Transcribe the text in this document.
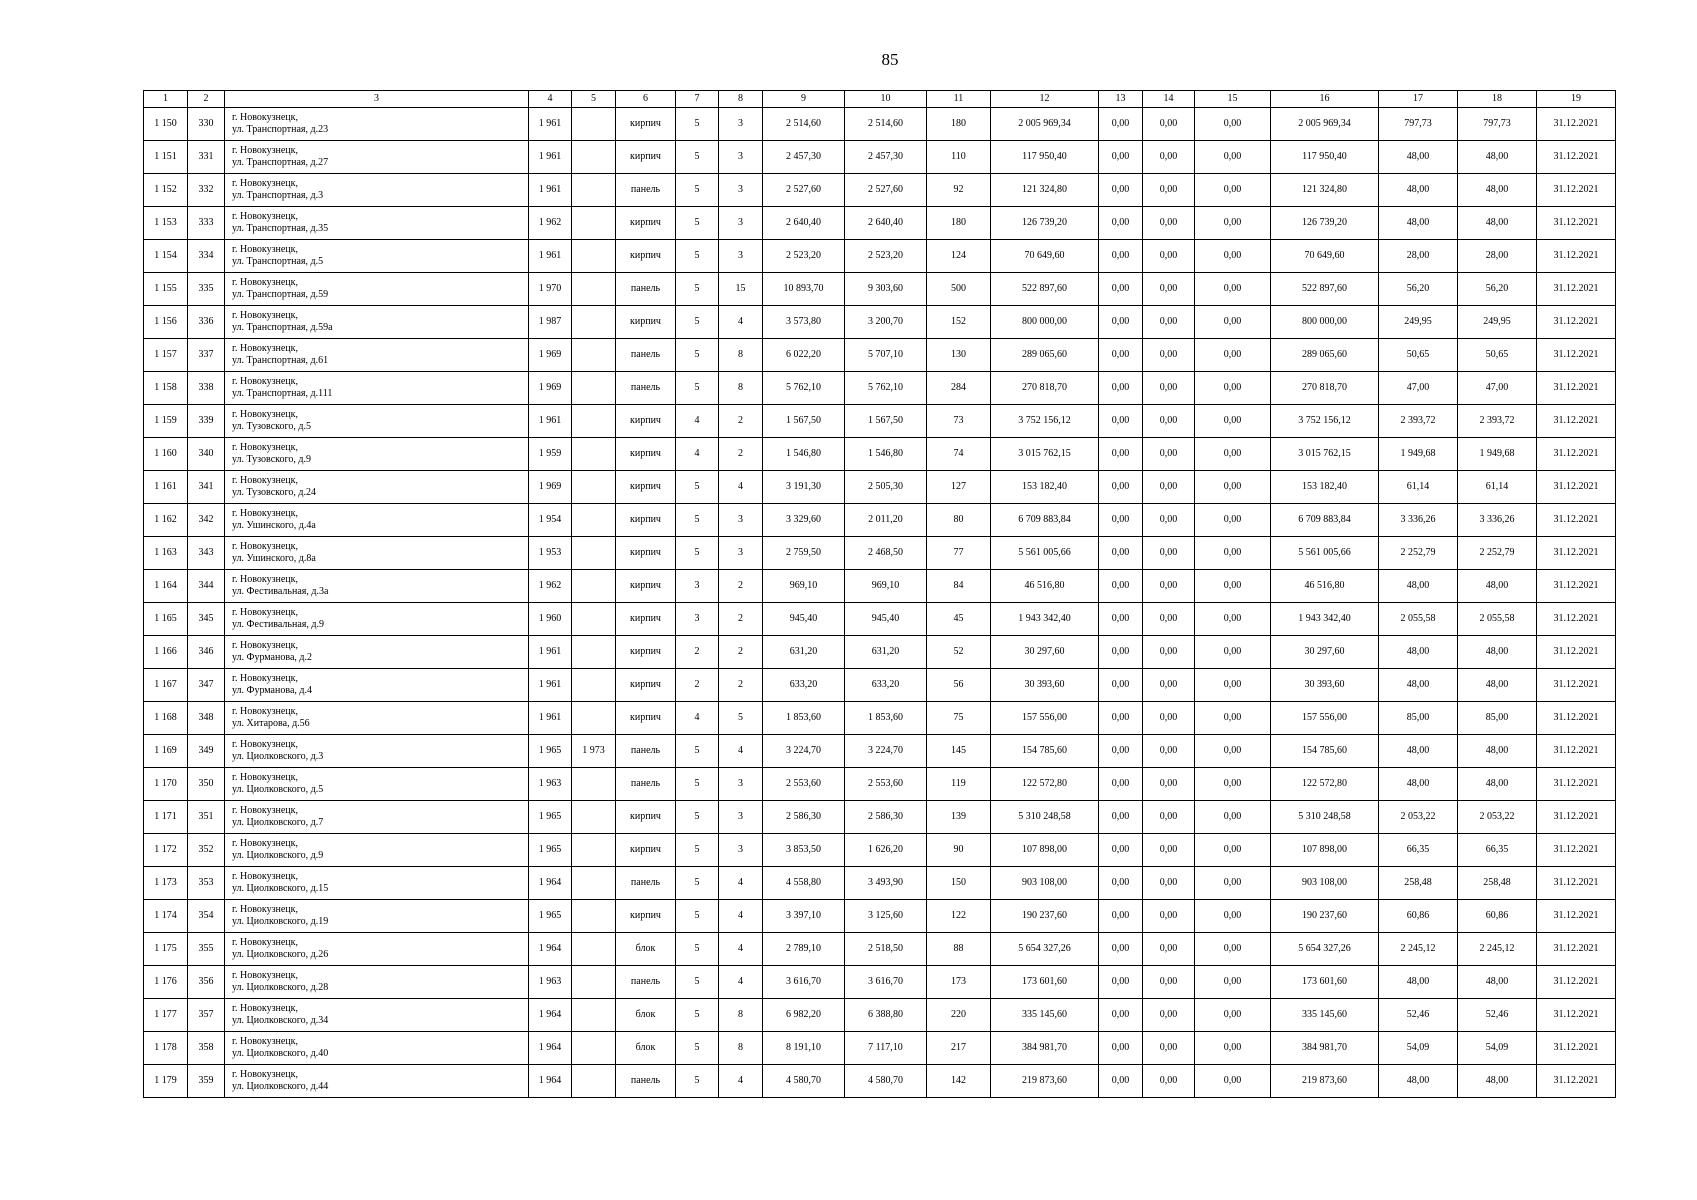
85
1	2	3	4	5	6	7	8	9	10	11	12	13	14	15	16	17	18	19
1 150	330	г. Новокузнецк,
ул. Транспортная, д.23	1 961		кирпич	5	3	2 514,60	2 514,60	180	2 005 969,34	0,00	0,00	0,00	2 005 969,34	797,73	797,73	31.12.2021
1 151	331	г. Новокузнецк,
ул. Транспортная, д.27	1 961		кирпич	5	3	2 457,30	2 457,30	110	117 950,40	0,00	0,00	0,00	117 950,40	48,00	48,00	31.12.2021
1 152	332	г. Новокузнецк,
ул. Транспортная, д.3	1 961		панель	5	3	2 527,60	2 527,60	92	121 324,80	0,00	0,00	0,00	121 324,80	48,00	48,00	31.12.2021
1 153	333	г. Новокузнецк,
ул. Транспортная, д.35	1 962		кирпич	5	3	2 640,40	2 640,40	180	126 739,20	0,00	0,00	0,00	126 739,20	48,00	48,00	31.12.2021
1 154	334	г. Новокузнецк,
ул. Транспортная, д.5	1 961		кирпич	5	3	2 523,20	2 523,20	124	70 649,60	0,00	0,00	0,00	70 649,60	28,00	28,00	31.12.2021
1 155	335	г. Новокузнецк,
ул. Транспортная, д.59	1 970		панель	5	15	10 893,70	9 303,60	500	522 897,60	0,00	0,00	0,00	522 897,60	56,20	56,20	31.12.2021
1 156	336	г. Новокузнецк,
ул. Транспортная, д.59а	1 987		кирпич	5	4	3 573,80	3 200,70	152	800 000,00	0,00	0,00	0,00	800 000,00	249,95	249,95	31.12.2021
1 157	337	г. Новокузнецк,
ул. Транспортная, д.61	1 969		панель	5	8	6 022,20	5 707,10	130	289 065,60	0,00	0,00	0,00	289 065,60	50,65	50,65	31.12.2021
1 158	338	г. Новокузнецк,
ул. Транспортная, д.111	1 969		панель	5	8	5 762,10	5 762,10	284	270 818,70	0,00	0,00	0,00	270 818,70	47,00	47,00	31.12.2021
1 159	339	г. Новокузнецк,
ул. Тузовского, д.5	1 961		кирпич	4	2	1 567,50	1 567,50	73	3 752 156,12	0,00	0,00	0,00	3 752 156,12	2 393,72	2 393,72	31.12.2021
1 160	340	г. Новокузнецк,
ул. Тузовского, д.9	1 959		кирпич	4	2	1 546,80	1 546,80	74	3 015 762,15	0,00	0,00	0,00	3 015 762,15	1 949,68	1 949,68	31.12.2021
1 161	341	г. Новокузнецк,
ул. Тузовского, д.24	1 969		кирпич	5	4	3 191,30	2 505,30	127	153 182,40	0,00	0,00	0,00	153 182,40	61,14	61,14	31.12.2021
1 162	342	г. Новокузнецк,
ул. Ушинского, д.4а	1 954		кирпич	5	3	3 329,60	2 011,20	80	6 709 883,84	0,00	0,00	0,00	6 709 883,84	3 336,26	3 336,26	31.12.2021
1 163	343	г. Новокузнецк,
ул. Ушинского, д.8а	1 953		кирпич	5	3	2 759,50	2 468,50	77	5 561 005,66	0,00	0,00	0,00	5 561 005,66	2 252,79	2 252,79	31.12.2021
1 164	344	г. Новокузнецк,
ул. Фестивальная, д.3а	1 962		кирпич	3	2	969,10	969,10	84	46 516,80	0,00	0,00	0,00	46 516,80	48,00	48,00	31.12.2021
1 165	345	г. Новокузнецк,
ул. Фестивальная, д.9	1 960		кирпич	3	2	945,40	945,40	45	1 943 342,40	0,00	0,00	0,00	1 943 342,40	2 055,58	2 055,58	31.12.2021
1 166	346	г. Новокузнецк,
ул. Фурманова, д.2	1 961		кирпич	2	2	631,20	631,20	52	30 297,60	0,00	0,00	0,00	30 297,60	48,00	48,00	31.12.2021
1 167	347	г. Новокузнецк,
ул. Фурманова, д.4	1 961		кирпич	2	2	633,20	633,20	56	30 393,60	0,00	0,00	0,00	30 393,60	48,00	48,00	31.12.2021
1 168	348	г. Новокузнецк,
ул. Хитарова, д.56	1 961		кирпич	4	5	1 853,60	1 853,60	75	157 556,00	0,00	0,00	0,00	157 556,00	85,00	85,00	31.12.2021
1 169	349	г. Новокузнецк,
ул. Циолковского, д.3	1 965	1 973	панель	5	4	3 224,70	3 224,70	145	154 785,60	0,00	0,00	0,00	154 785,60	48,00	48,00	31.12.2021
1 170	350	г. Новокузнецк,
ул. Циолковского, д.5	1 963		панель	5	3	2 553,60	2 553,60	119	122 572,80	0,00	0,00	0,00	122 572,80	48,00	48,00	31.12.2021
1 171	351	г. Новокузнецк,
ул. Циолковского, д.7	1 965		кирпич	5	3	2 586,30	2 586,30	139	5 310 248,58	0,00	0,00	0,00	5 310 248,58	2 053,22	2 053,22	31.12.2021
1 172	352	г. Новокузнецк,
ул. Циолковского, д.9	1 965		кирпич	5	3	3 853,50	1 626,20	90	107 898,00	0,00	0,00	0,00	107 898,00	66,35	66,35	31.12.2021
1 173	353	г. Новокузнецк,
ул. Циолковского, д.15	1 964		панель	5	4	4 558,80	3 493,90	150	903 108,00	0,00	0,00	0,00	903 108,00	258,48	258,48	31.12.2021
1 174	354	г. Новокузнецк,
ул. Циолковского, д.19	1 965		кирпич	5	4	3 397,10	3 125,60	122	190 237,60	0,00	0,00	0,00	190 237,60	60,86	60,86	31.12.2021
1 175	355	г. Новокузнецк,
ул. Циолковского, д.26	1 964		блок	5	4	2 789,10	2 518,50	88	5 654 327,26	0,00	0,00	0,00	5 654 327,26	2 245,12	2 245,12	31.12.2021
1 176	356	г. Новокузнецк,
ул. Циолковского, д.28	1 963		панель	5	4	3 616,70	3 616,70	173	173 601,60	0,00	0,00	0,00	173 601,60	48,00	48,00	31.12.2021
1 177	357	г. Новокузнецк,
ул. Циолковского, д.34	1 964		блок	5	8	6 982,20	6 388,80	220	335 145,60	0,00	0,00	0,00	335 145,60	52,46	52,46	31.12.2021
1 178	358	г. Новокузнецк,
ул. Циолковского, д.40	1 964		блок	5	8	8 191,10	7 117,10	217	384 981,70	0,00	0,00	0,00	384 981,70	54,09	54,09	31.12.2021
1 179	359	г. Новокузнецк,
ул. Циолковского, д.44	1 964		панель	5	4	4 580,70	4 580,70	142	219 873,60	0,00	0,00	0,00	219 873,60	48,00	48,00	31.12.2021
